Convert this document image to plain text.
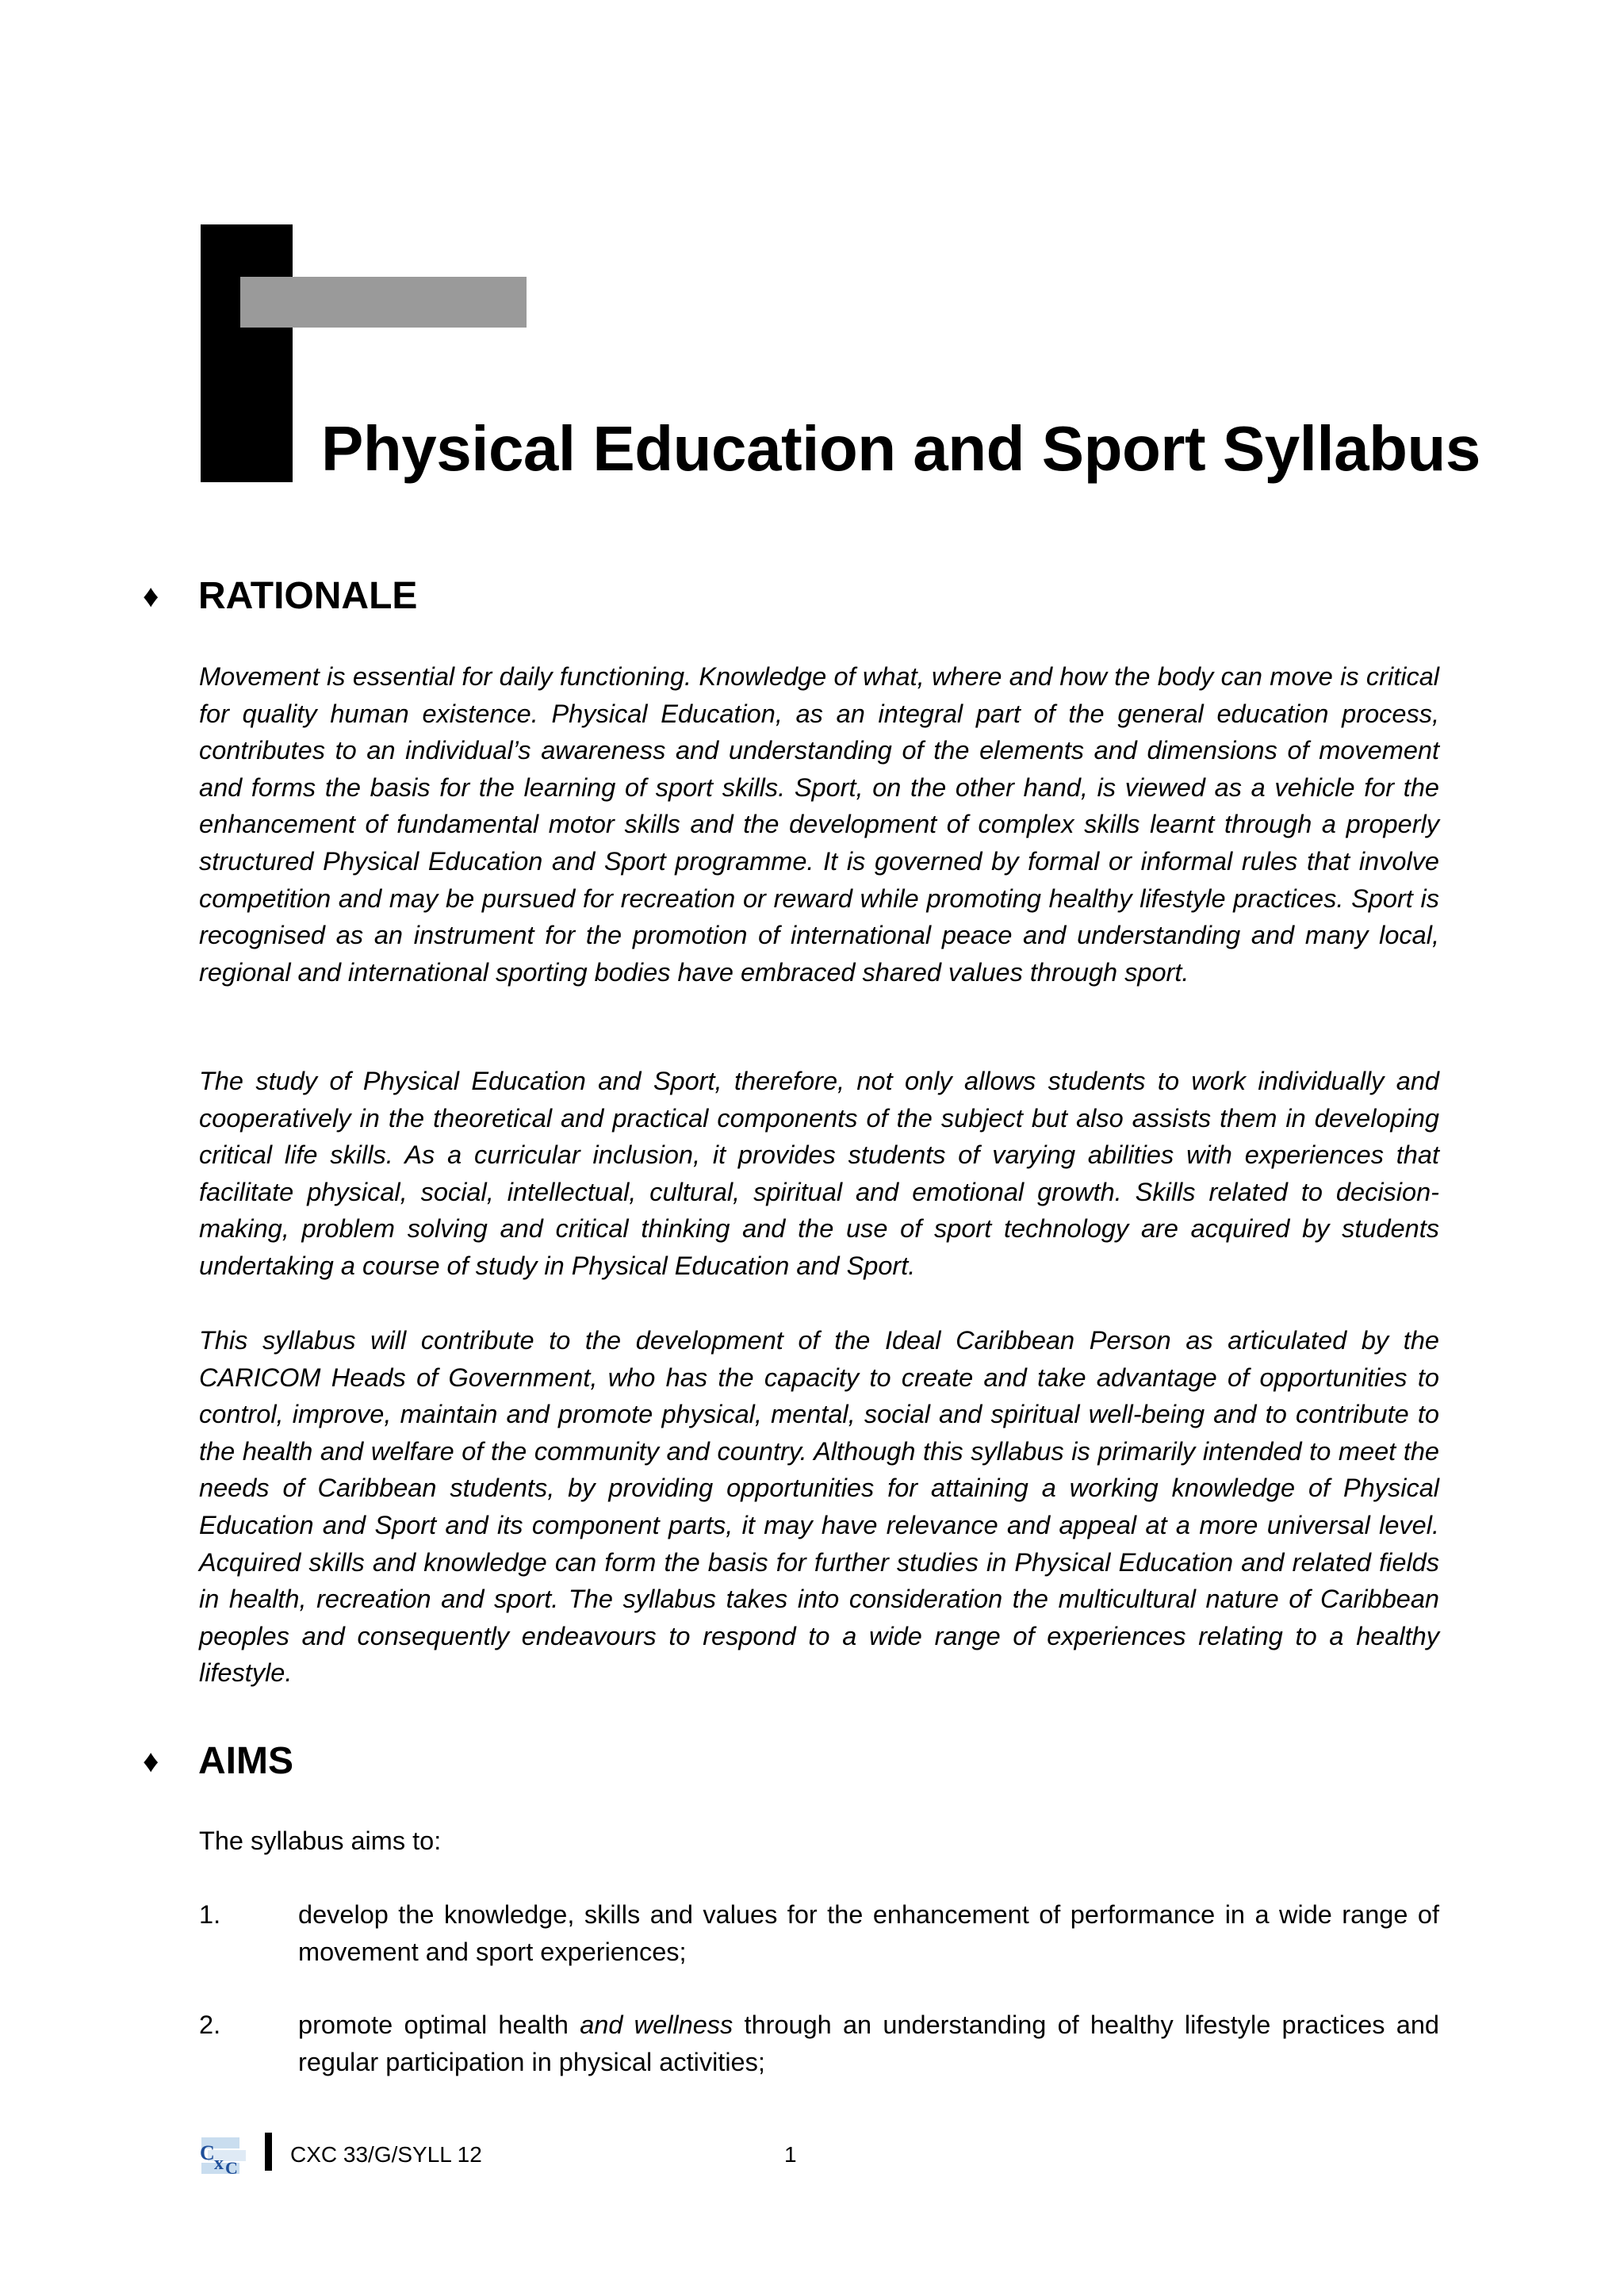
Physical Education and Sport Syllabus
♦	RATIONALE
Movement is essential for daily functioning. Knowledge of what, where and how the body can move is critical for quality human existence. Physical Education, as an integral part of the general education process, contributes to an individual’s awareness and understanding of the elements and dimensions of movement and forms the basis for the learning of sport skills. Sport, on the other hand, is viewed as a vehicle for the enhancement of fundamental motor skills and the development of complex skills learnt through a properly structured Physical Education and Sport programme. It is governed by formal or informal rules that involve competition and may be pursued for recreation or reward while promoting healthy lifestyle practices. Sport is recognised as an instrument for the promotion of international peace and understanding and many local, regional and international sporting bodies have embraced shared values through sport.
The study of Physical Education and Sport, therefore, not only allows students to work individually and cooperatively in the theoretical and practical components of the subject but also assists them in developing critical life skills. As a curricular inclusion, it provides students of varying abilities with experiences that facilitate physical, social, intellectual, cultural, spiritual and emotional growth. Skills related to decision-making, problem solving and critical thinking and the use of sport technology are acquired by students undertaking a course of study in Physical Education and Sport.
This syllabus will contribute to the development of the Ideal Caribbean Person as articulated by the CARICOM Heads of Government, who has the capacity to create and take advantage of opportunities to control, improve, maintain and promote physical, mental, social and spiritual well-being and to contribute to the health and welfare of the community and country. Although this syllabus is primarily intended to meet the needs of Caribbean students, by providing opportunities for attaining a working knowledge of Physical Education and Sport and its component parts, it may have relevance and appeal at a more universal level. Acquired skills and knowledge can form the basis for further studies in Physical Education and related fields in health, recreation and sport. The syllabus takes into consideration the multicultural nature of Caribbean peoples and consequently endeavours to respond to a wide range of experiences relating to a healthy lifestyle.
♦	AIMS
The syllabus aims to:
1.	develop the knowledge, skills and values for the enhancement of performance in a wide range of movement and sport experiences;
2.	promote optimal health and wellness through an understanding of healthy lifestyle practices and regular participation in physical activities;
C x C
CXC 33/G/SYLL 12	1
